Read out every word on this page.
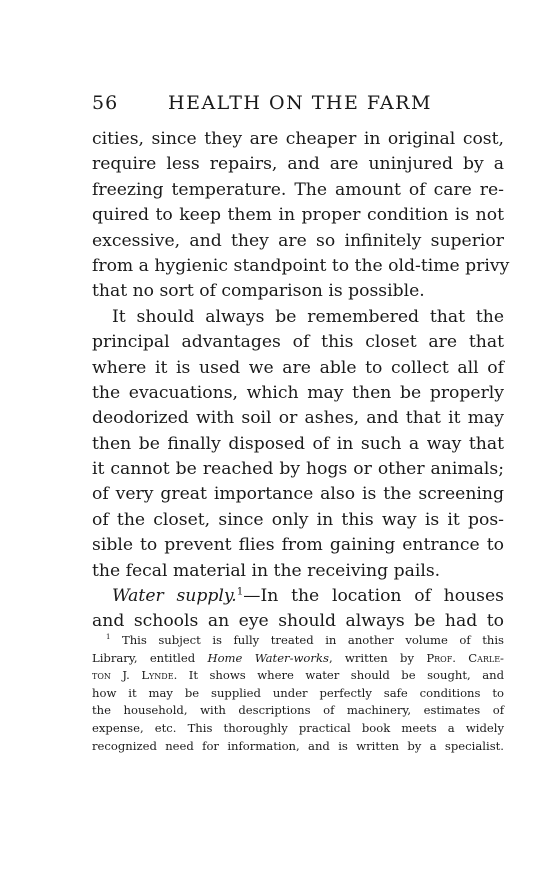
56	HEALTH ON THE FARM
cities, since they are cheaper in original cost,
require less repairs, and are uninjured by a
freezing temperature. The amount of care re-
quired to keep them in proper condition is not
excessive, and they are so infinitely superior
from a hygienic standpoint to the old-time privy
that no sort of comparison is possible.
It should always be remembered that the
principal advantages of this closet are that
where it is used we are able to collect all of
the evacuations, which may then be properly
deodorized with soil or ashes, and that it may
then be finally disposed of in such a way that
it cannot be reached by hogs or other animals;
of very great importance also is the screening
of the closet, since only in this way is it pos-
sible to prevent flies from gaining entrance to
the fecal material in the receiving pails.
Water supply.$^1$—In the location of houses
and schools an eye should always be had to
$^1$ This subject is fully treated in another volume of this
Library, entitled Home Water-works, written by Prof. Carle-
ton J. Lynde. It shows where water should be sought, and
how it may be supplied under perfectly safe conditions to
the household, with descriptions of machinery, estimates of
expense, etc. This thoroughly practical book meets a widely
recognized need for information, and is written by a specialist.
